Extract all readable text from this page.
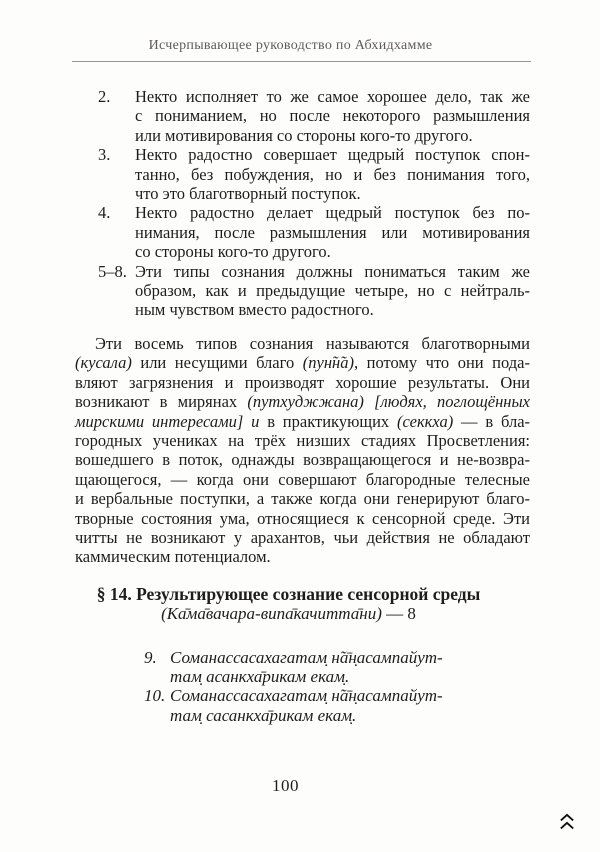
Исчерпывающее руководство по Абхидхамме
2. Некто исполняет то же самое хорошее дело, так же
с пониманием, но после некоторого размышления
или мотивирования со стороны кого-то другого.
3. Некто радостно совершает щедрый поступок спон-
танно, без побуждения, но и без понимания того,
что это благотворный поступок.
4. Некто радостно делает щедрый поступок без по-
нимания, после размышления или мотивирования
со стороны кого-то другого.
5–8. Эти типы сознания должны пониматься таким же
образом, как и предыдущие четыре, но с нейтраль-
ным чувством вместо радостного.
Эти восемь типов сознания называются благотворными
(кусала) или несущими благо (пун̃н̃а), потому что они пода-
вляют загрязнения и производят хорошие результаты. Они
возникают в мирянах (путхуджжана) [людях, поглощённых
мирскими интересами] и в практикующих (секкха) — в бла-
городных учениках на трёх низших стадиях Просветления:
вошедшего в поток, однажды возвращающегося и не-возвра-
щающегося, — когда они совершают благородные телесные
и вербальные поступки, а также когда они генерируют благо-
творные состояния ума, относящиеся к сенсорной среде. Эти
читты не возникают у арахантов, чьи действия не обладают
каммическим потенциалом.
§ 14. Результирующее сознание сенсорной среды
(Ка̄ма̄вачара-випа̄качитта̄ни) — 8
9. Соманассасахагатам̣ н̃а̄н̣асампайут-
там̣ асанкха̄рикам екам̣.
10. Соманассасахагатам̣ н̃а̄н̣асампайут-
там̣ сасанкха̄рикам екам̣.
100
